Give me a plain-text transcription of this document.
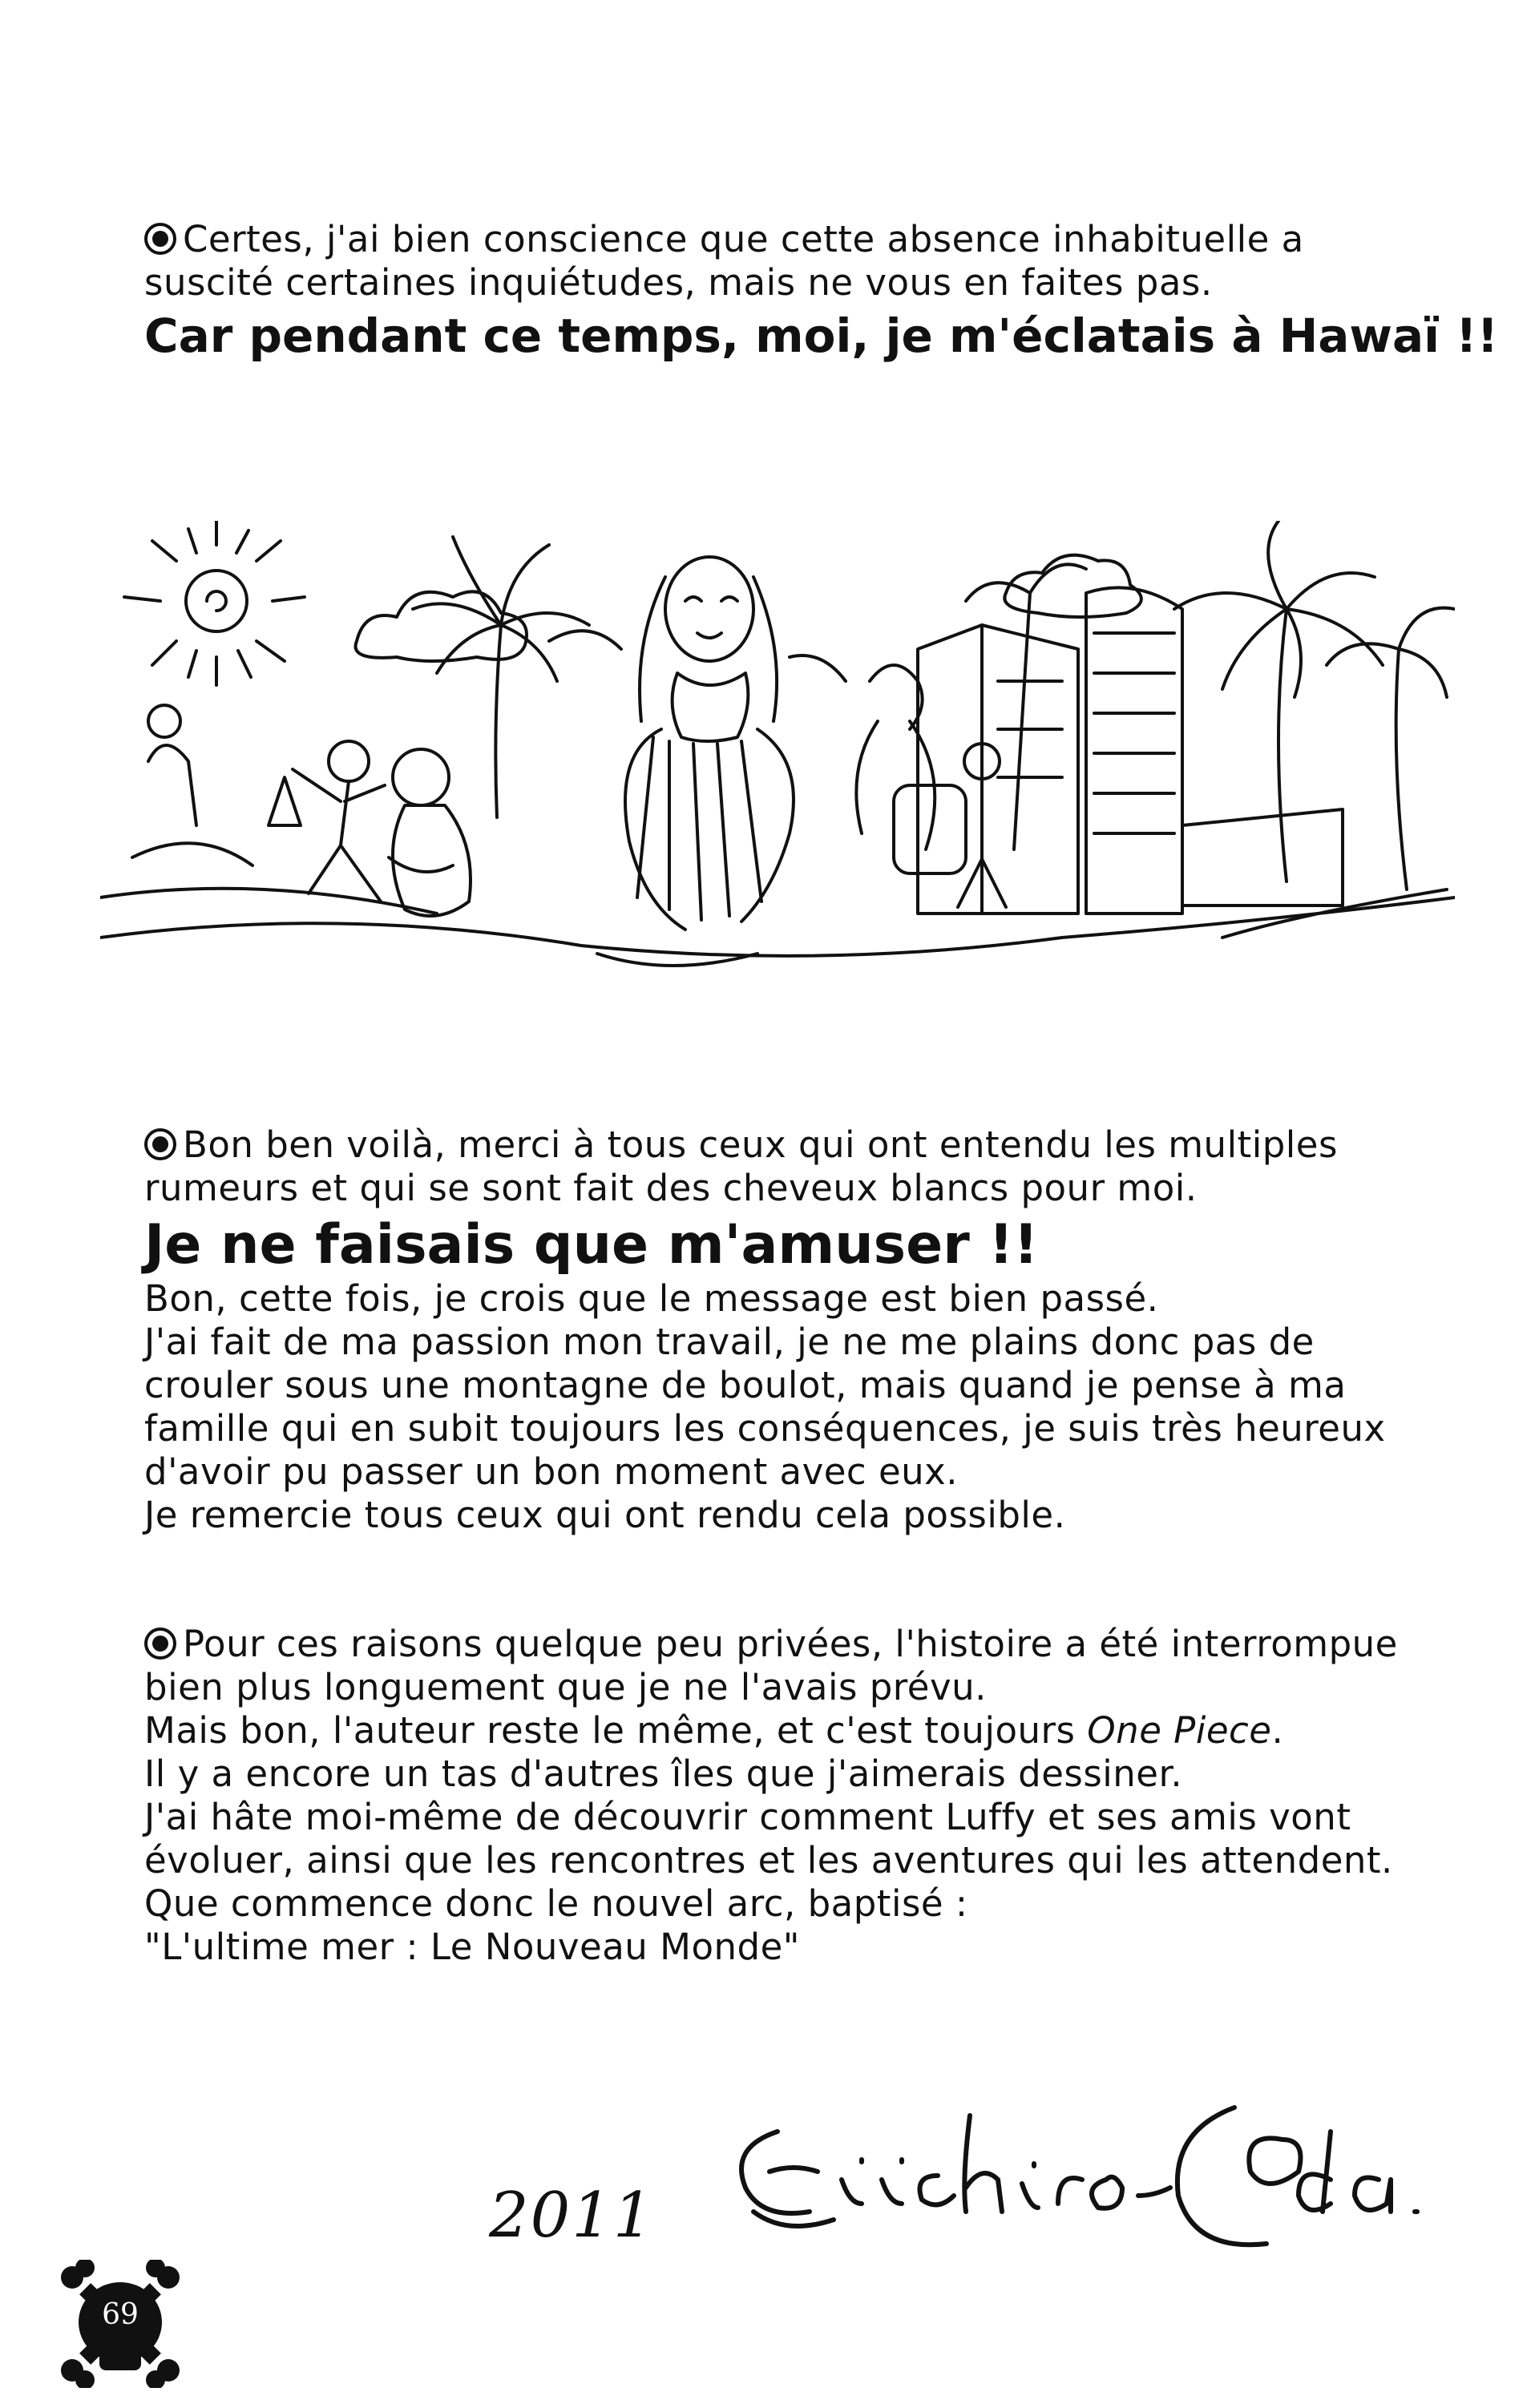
Certes, j'ai bien conscience que cette absence inhabituelle a
suscité certaines inquiétudes, mais ne vous en faites pas.
Car pendant ce temps, moi, je m'éclatais à Hawaï !!
Bon ben voilà, merci à tous ceux qui ont entendu les multiples
rumeurs et qui se sont fait des cheveux blancs pour moi.
Je ne faisais que m'amuser !!
Bon, cette fois, je crois que le message est bien passé.
J'ai fait de ma passion mon travail, je ne me plains donc pas de
crouler sous une montagne de boulot, mais quand je pense à ma
famille qui en subit toujours les conséquences, je suis très heureux
d'avoir pu passer un bon moment avec eux.
Je remercie tous ceux qui ont rendu cela possible.
Pour ces raisons quelque peu privées, l'histoire a été interrompue
bien plus longuement que je ne l'avais prévu.
Mais bon, l'auteur reste le même, et c'est toujours One Piece.
Il y a encore un tas d'autres îles que j'aimerais dessiner.
J'ai hâte moi-même de découvrir comment Luffy et ses amis vont
évoluer, ainsi que les rencontres et les aventures qui les attendent.
Que commence donc le nouvel arc, baptisé :
"L'ultime mer : Le Nouveau Monde"
2011
69
